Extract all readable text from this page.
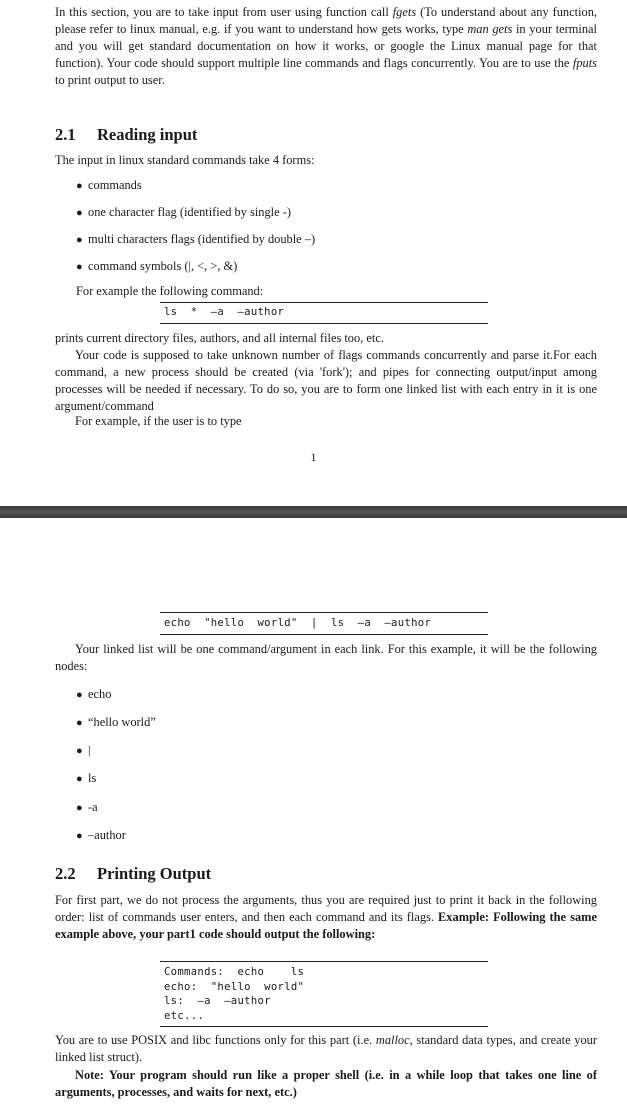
In this section, you are to take input from user using function call fgets (To understand about any function, please refer to linux manual, e.g. if you want to understand how gets works, type man gets in your terminal and you will get standard documentation on how it works, or google the Linux manual page for that function). Your code should support multiple line commands and flags concurrently. You are to use the fputs to print output to user.
2.1 Reading input
The input in linux standard commands take 4 forms:
● commands
● one character flag (identified by single -)
● multi characters flags (identified by double –)
● command symbols (|, <, >, &)
For example the following command:
ls  *  –a  —author
prints current directory files, authors, and all internal files too, etc.
Your code is supposed to take unknown number of flags commands concurrently and parse it.For each command, a new process should be created (via 'fork'); and pipes for connecting output/input among processes will be needed if necessary. To do so, you are to form one linked list with each entry in it is one argument/command
For example, if the user is to type
1
echo  "hello  world"  |  ls  –a  —author
Your linked list will be one command/argument in each link. For this example, it will be the following nodes:
● echo
● “hello world”
● |
● ls
● -a
● –author
2.2 Printing Output
For first part, we do not process the arguments, thus you are required just to print it back in the following order: list of commands user enters, and then each command and its flags. Example: Following the same example above, your part1 code should output the following:
Commands:  echo    ls
echo:  "hello  world"
ls:  –a  —author
etc...
You are to use POSIX and libc functions only for this part (i.e. malloc, standard data types, and create your linked list struct).
Note: Your program should run like a proper shell (i.e. in a while loop that takes one line of arguments, processes, and waits for next, etc.)
